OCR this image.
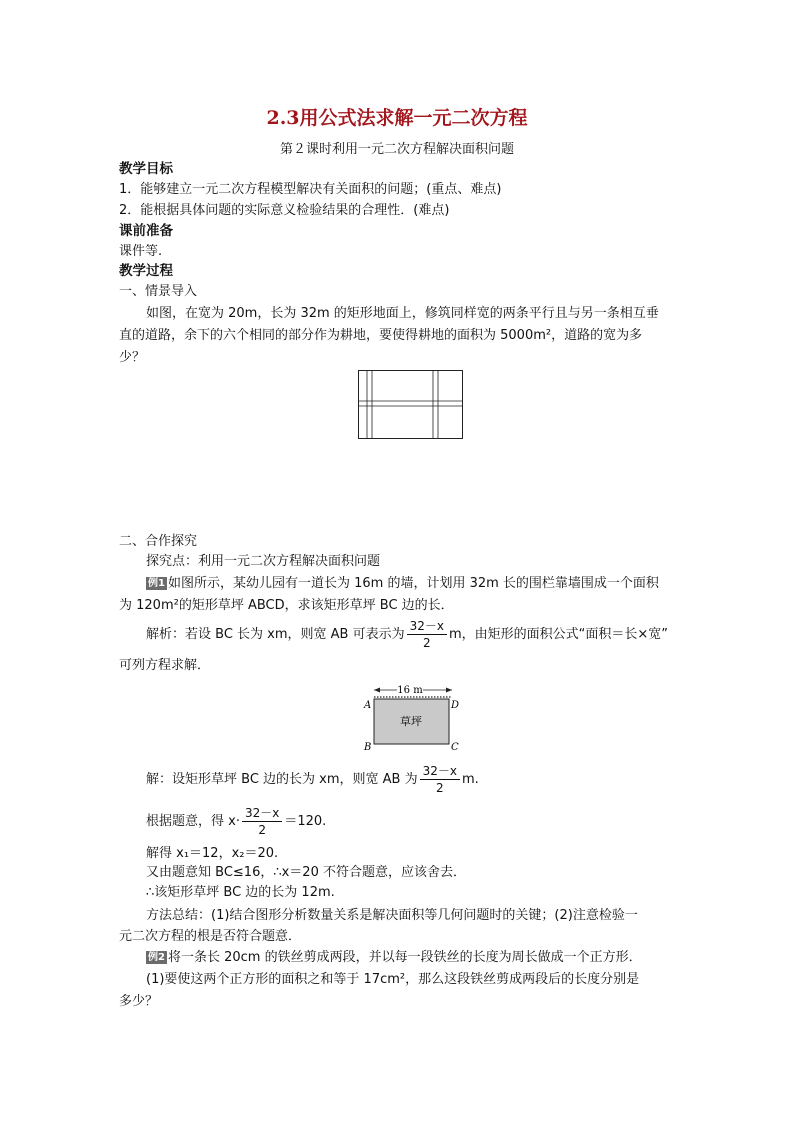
2.3用公式法求解一元二次方程
第２课时利用一元二次方程解决面积问题
教学目标
1．能够建立一元二次方程模型解决有关面积的问题；(重点、难点)
2．能根据具体问题的实际意义检验结果的合理性．(难点)
课前准备
课件等.
教学过程
一、情景导入
如图，在宽为 20m，长为 32m 的矩形地面上，修筑同样宽的两条平行且与另一条相互垂
直的道路，余下的六个相同的部分作为耕地，要使得耕地的面积为 5000m²，道路的宽为多
少？
二、合作探究
探究点：利用一元二次方程解决面积问题
例1 如图所示，某幼儿园有一道长为 16m 的墙，计划用 32m 长的围栏靠墙围成一个面积
为 120m²的矩形草坪 ABCD，求该矩形草坪 BC 边的长．
解析：若设 BC 长为 xm，则宽 AB 可表示为 $\frac{32-x}{2}$ m，由矩形的面积公式“面积＝长×宽”
可列方程求解．
16 m
A	D
B	C
草坪
解：设矩形草坪 BC 边的长为 xm，则宽 AB 为 $\frac{32-x}{2} m$.
根据题意，得 $x\cdot \frac{32-x}{2} =120$.
解得 x₁＝12，x₂＝20.
又由题意知 BC≤16，∴x＝20 不符合题意，应该舍去．
∴该矩形草坪 BC 边的长为 12m.
方法总结：(1)结合图形分析数量关系是解决面积等几何问题时的关键；(2)注意检验一
元二次方程的根是否符合题意．
例2 将一条长 20cm 的铁丝剪成两段，并以每一段铁丝的长度为周长做成一个正方形．
(1)要使这两个正方形的面积之和等于 17cm²，那么这段铁丝剪成两段后的长度分别是
多少？
